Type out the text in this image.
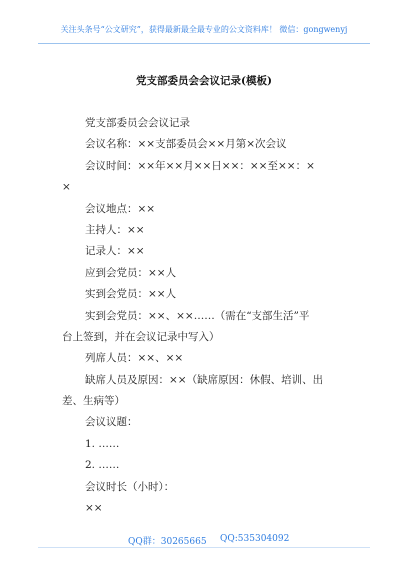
关注头条号“公文研究”，获得最新最全最专业的公文资料库！ 微信：gongwenyj
党支部委员会会议记录(模板)
党支部委员会会议记录
会议名称：××支部委员会××月第×次会议
会议时间：××年××月××日××：××至××：×
×
会议地点：××
主持人：××
记录人：××
应到会党员：××人
实到会党员：××人
实到会党员：××、××……（需在“支部生活”平
台上签到，并在会议记录中写入）
列席人员：××、××
缺席人员及原因：××（缺席原因：休假、培训、出
差、生病等）
会议议题：
1. ……
2. ……
会议时长（小时）：
××
QQ群：30265665 QQ:535304092
